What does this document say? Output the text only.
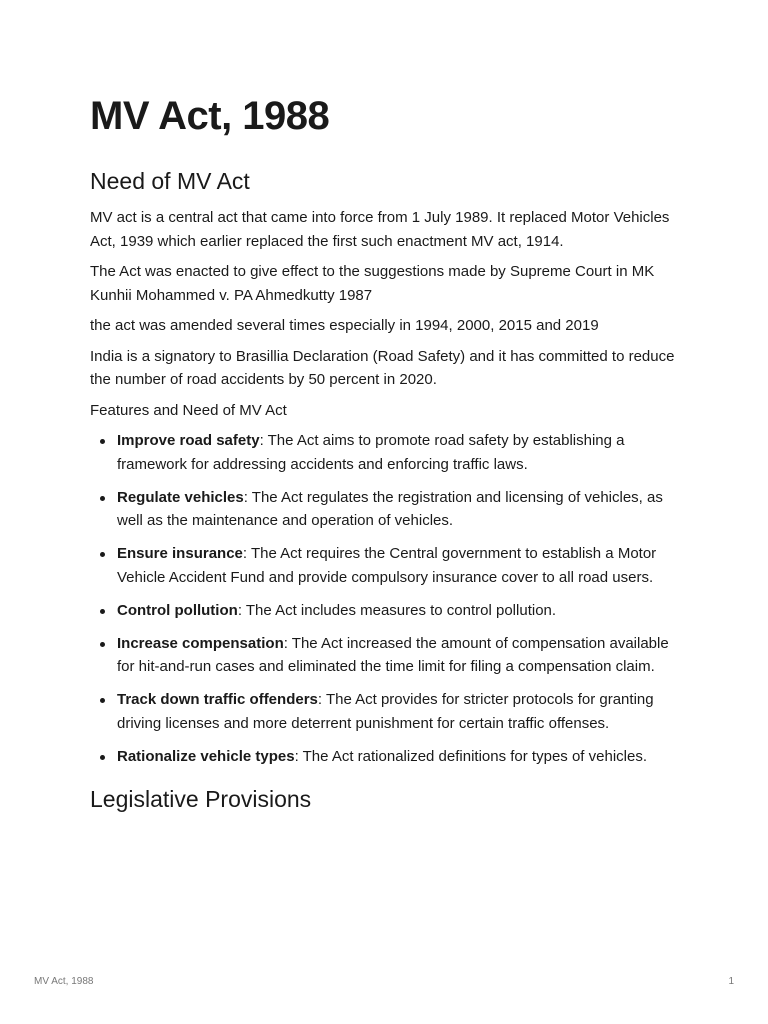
MV Act, 1988
Need of MV Act

MV act is a central act that came into force from 1 July 1989. It replaced Motor Vehicles Act, 1939 which earlier replaced the first such enactment MV act, 1914.

The Act was enacted to give effect to the suggestions made by Supreme Court in MK Kunhii Mohammed v. PA Ahmedkutty 1987

the act was amended several times especially in 1994, 2000, 2015 and 2019

India is a signatory to Brasillia Declaration (Road Safety) and it has committed to reduce the number of road accidents by 50 percent in 2020.

Features and Need of MV Act

Improve road safety: The Act aims to promote road safety by establishing a framework for addressing accidents and enforcing traffic laws.
Regulate vehicles: The Act regulates the registration and licensing of vehicles, as well as the maintenance and operation of vehicles.
Ensure insurance: The Act requires the Central government to establish a Motor Vehicle Accident Fund and provide compulsory insurance cover to all road users.
Control pollution: The Act includes measures to control pollution.
Increase compensation: The Act increased the amount of compensation available for hit-and-run cases and eliminated the time limit for filing a compensation claim.
Track down traffic offenders: The Act provides for stricter protocols for granting driving licenses and more deterrent punishment for certain traffic offenses.
Rationalize vehicle types: The Act rationalized definitions for types of vehicles.
Legislative Provisions
MV Act, 1988	1
